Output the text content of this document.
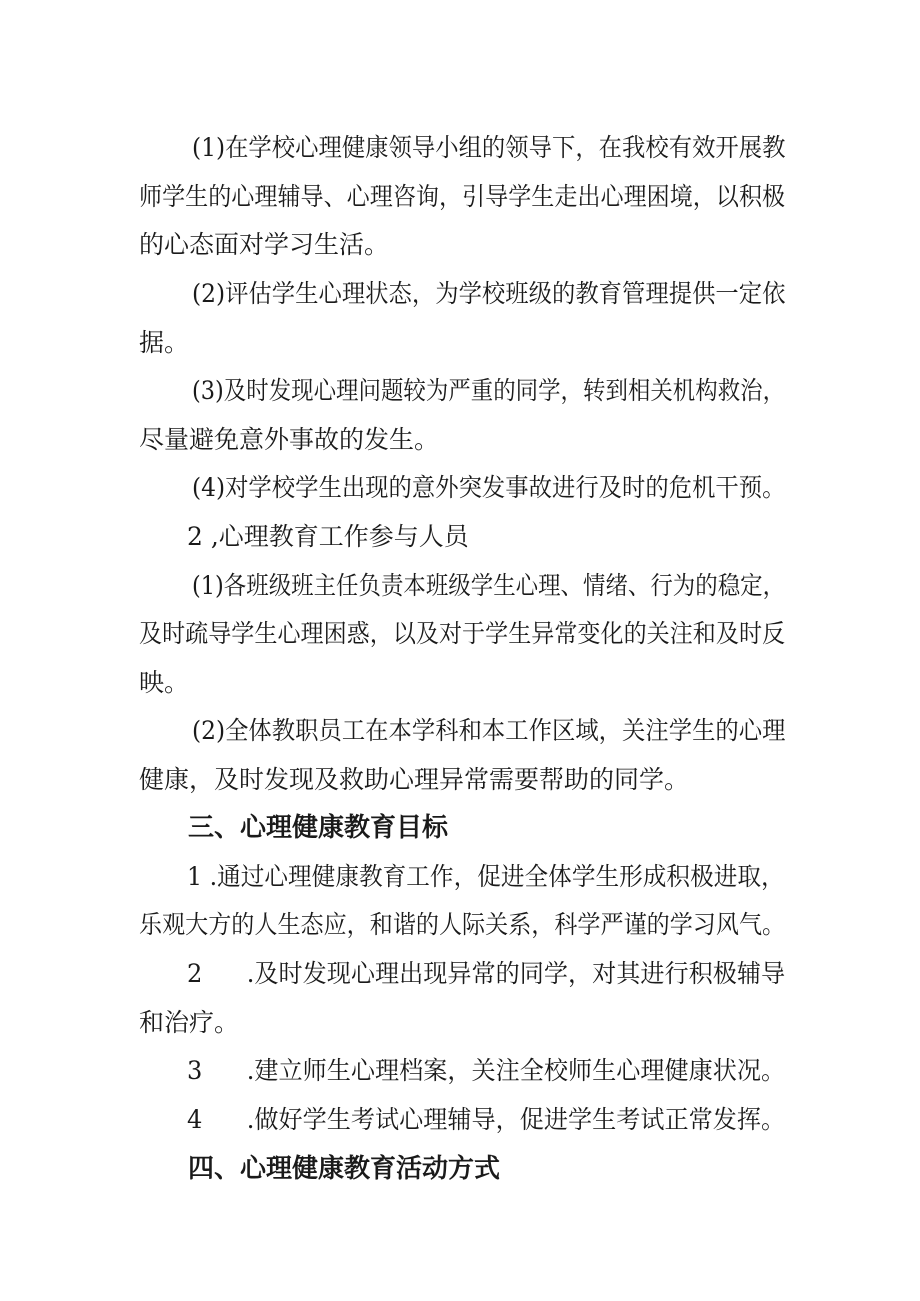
(1)在学校心理健康领导小组的领导下，在我校有效开展教
师学生的心理辅导、心理咨询，引导学生走出心理困境，以积极
的心态面对学习生活。
(2)评估学生心理状态，为学校班级的教育管理提供一定依
据。
(3)及时发现心理问题较为严重的同学，转到相关机构救治，
尽量避免意外事故的发生。
(4)对学校学生出现的意外突发事故进行及时的危机干预。
2 ,心理教育工作参与人员
(1)各班级班主任负责本班级学生心理、情绪、行为的稳定，
及时疏导学生心理困惑，以及对于学生异常变化的关注和及时反
映。
(2)全体教职员工在本学科和本工作区域，关注学生的心理
健康，及时发现及救助心理异常需要帮助的同学。
三、心理健康教育目标
1 .通过心理健康教育工作，促进全体学生形成积极进取，
乐观大方的人生态应，和谐的人际关系，科学严谨的学习风气。
2 .及时发现心理出现异常的同学，对其进行积极辅导
和治疗。
3 .建立师生心理档案，关注全校师生心理健康状况。
4 .做好学生考试心理辅导，促进学生考试正常发挥。
四、心理健康教育活动方式
